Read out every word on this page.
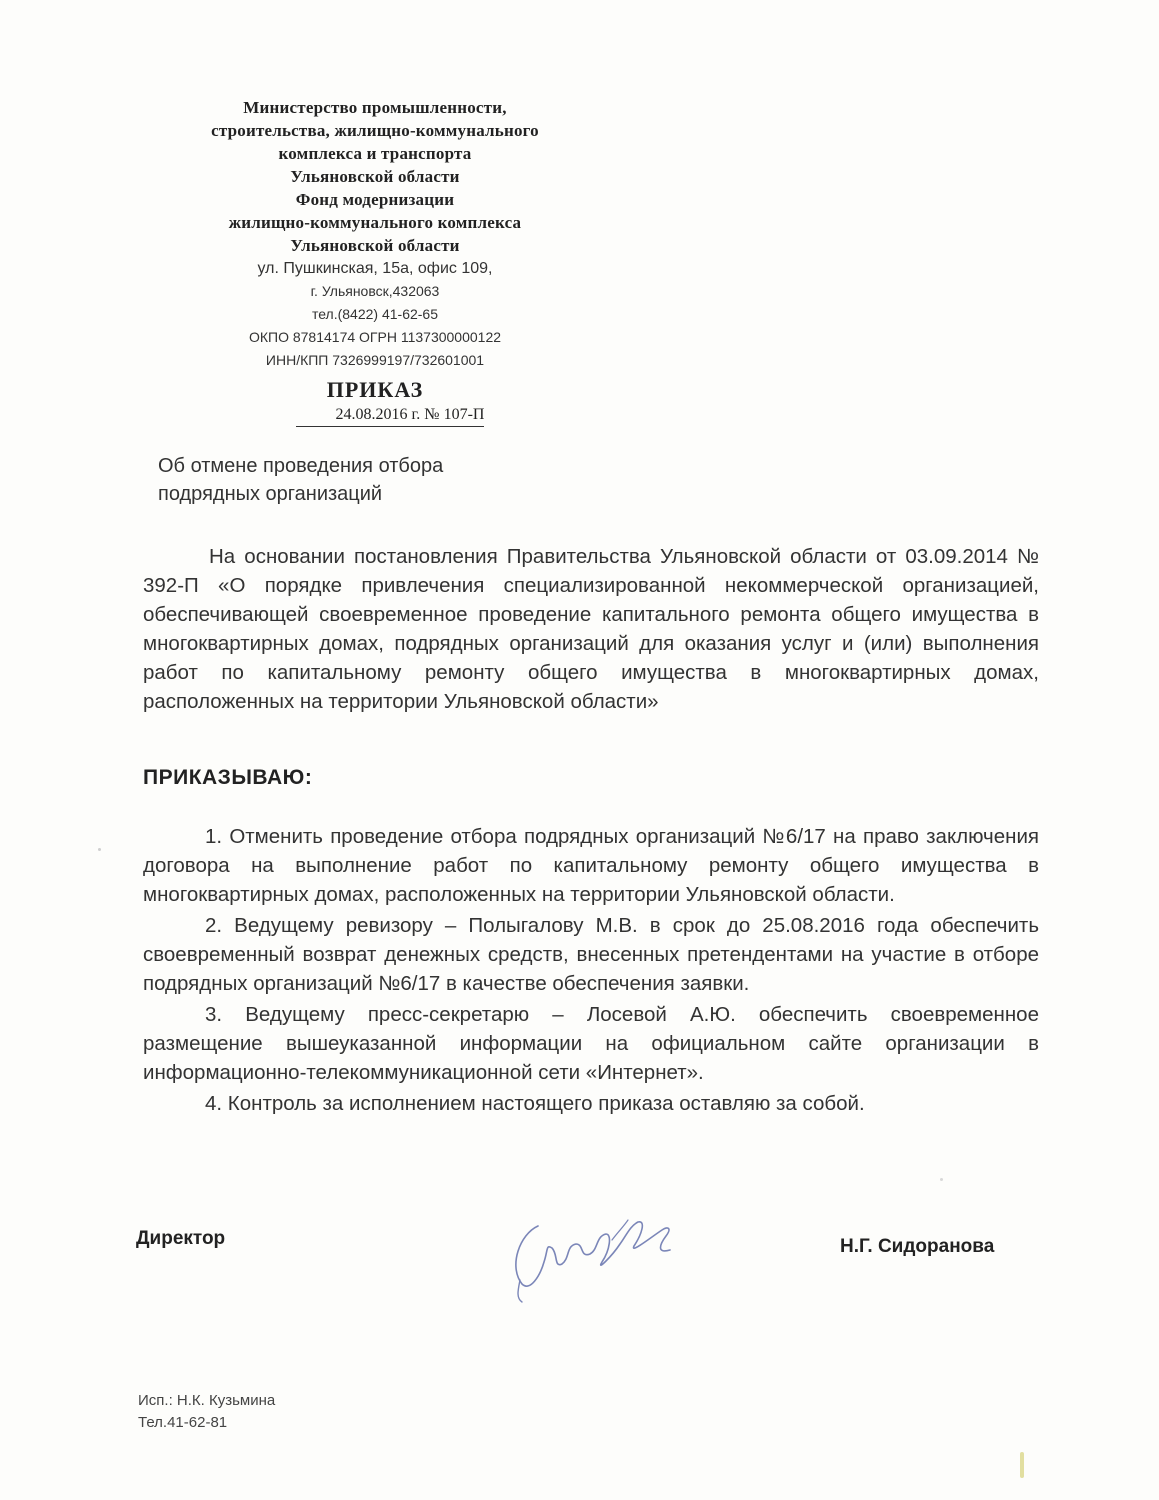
Министерство промышленности,
строительства, жилищно-коммунального
комплекса и транспорта
Ульяновской области
Фонд модернизации
жилищно-коммунального комплекса
Ульяновской области
ул. Пушкинская, 15а, офис 109,
г. Ульяновск,432063
тел.(8422) 41-62-65
ОКПО 87814174 ОГРН 1137300000122
ИНН/КПП 7326999197/732601001
ПРИКАЗ
24.08.2016 г. № 107-П
Об отмене проведения отбора
подрядных организаций

На основании постановления Правительства Ульяновской области от 03.09.2014 № 392-П «О порядке привлечения специализированной некоммерческой организацией, обеспечивающей своевременное проведение капитального ремонта общего имущества в многоквартирных домах, подрядных организаций для оказания услуг и (или) выполнения работ по капитальному ремонту общего имущества в многоквартирных домах, расположенных на территории Ульяновской области»

ПРИКАЗЫВАЮ:

1. Отменить проведение отбора подрядных организаций №6/17 на право заключения договора на выполнение работ по капитальному ремонту общего имущества в многоквартирных домах, расположенных на территории Ульяновской области.

2. Ведущему ревизору – Полыгалову М.В. в срок до 25.08.2016 года обеспечить своевременный возврат денежных средств, внесенных претендентами на участие в отборе подрядных организаций №6/17 в качестве обеспечения заявки.

3. Ведущему пресс-секретарю – Лосевой А.Ю. обеспечить своевременное размещение вышеуказанной информации на официальном сайте организации в информационно-телекоммуникационной сети «Интернет».

4. Контроль за исполнением настоящего приказа оставляю за собой.

Директор	Н.Г. Сидоранова
Исп.: Н.К. Кузьмина
Тел.41-62-81
